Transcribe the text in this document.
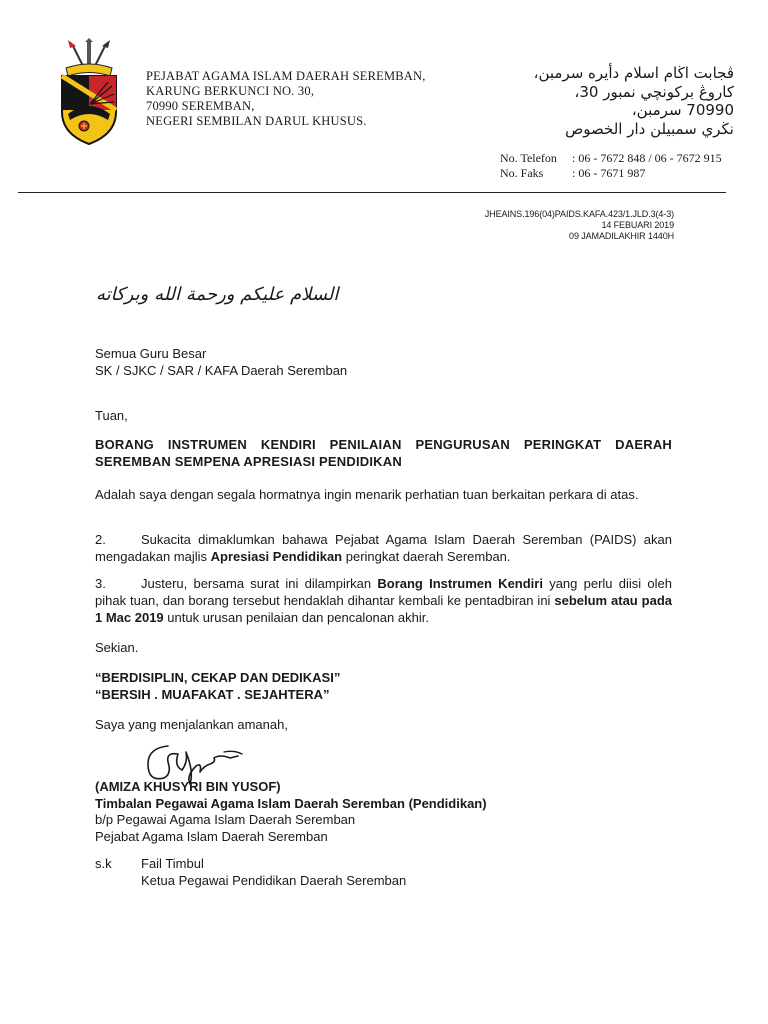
PEJABAT AGAMA ISLAM DAERAH SEREMBAN,
KARUNG BERKUNCI NO. 30,
70990 SEREMBAN,
NEGERI SEMBILAN DARUL KHUSUS.
ڤجابت اڬام اسلام دأيره سرمبن،
كاروڠ بركونچي نمبور 30،
70990 سرمبن،
نڬري سمبيلن دار الخصوص
No. Telefon	: 06 - 7672 848 / 06 - 7672 915
No. Faks	: 06 - 7671 987
JHEAINS.196(04)PAIDS.KAFA.423/1.JLD.3(4-3)
14 FEBUARI 2019
09 JAMADILAKHIR 1440H
السلام عليكم ورحمة الله وبركاته
Semua Guru Besar
SK / SJKC / SAR / KAFA Daerah Seremban
Tuan,
BORANG INSTRUMEN KENDIRI PENILAIAN PENGURUSAN PERINGKAT DAERAH SEREMBAN SEMPENA APRESIASI PENDIDIKAN
Adalah saya dengan segala hormatnya ingin menarik perhatian tuan berkaitan perkara di atas.
2.	Sukacita dimaklumkan bahawa Pejabat Agama Islam Daerah Seremban (PAIDS) akan mengadakan majlis Apresiasi Pendidikan peringkat daerah Seremban.
3.	Justeru, bersama surat ini dilampirkan Borang Instrumen Kendiri yang perlu diisi oleh pihak tuan, dan borang tersebut hendaklah dihantar kembali ke pentadbiran ini sebelum atau pada 1 Mac 2019 untuk urusan penilaian dan pencalonan akhir.
Sekian.
“BERDISIPLIN, CEKAP DAN DEDIKASI”
“BERSIH . MUAFAKAT . SEJAHTERA”
Saya yang menjalankan amanah,
(AMIZA KHUSYRI BIN YUSOF)
Timbalan Pegawai Agama Islam Daerah Seremban (Pendidikan)
b/p Pegawai Agama Islam Daerah Seremban
Pejabat Agama Islam Daerah Seremban
s.k Fail Timbul
Ketua Pegawai Pendidikan Daerah Seremban
